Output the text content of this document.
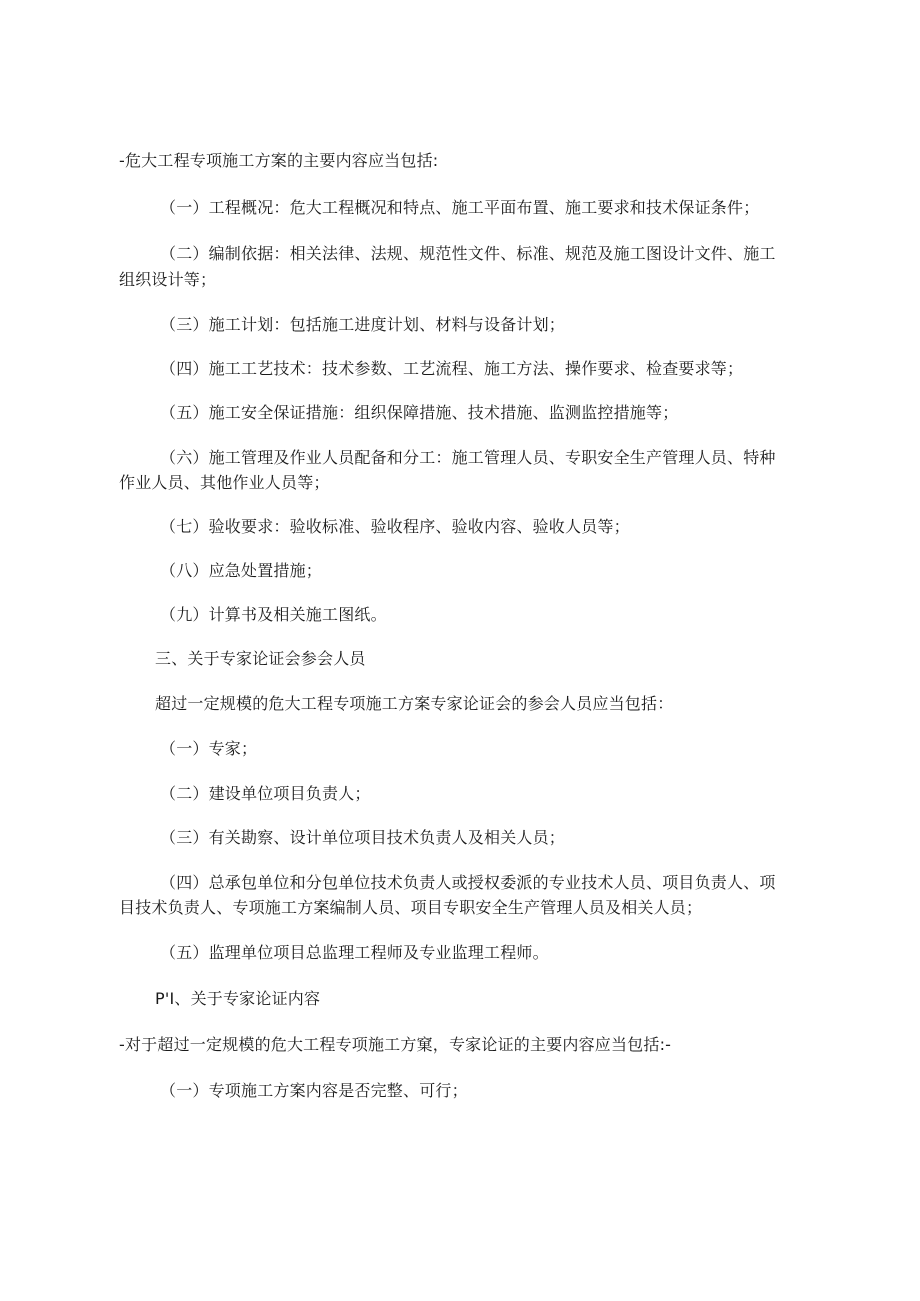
-危大工程专项施工方案的主要内容应当包括:
（一）工程概况：危大工程概况和特点、施工平面布置、施工要求和技术保证条件；
（二）编制依据：相关法律、法规、规范性文件、标准、规范及施工图设计文件、施工
组织设计等；
（三）施工计划：包括施工进度计划、材料与设备计划；
（四）施工工艺技术：技术参数、工艺流程、施工方法、操作要求、检查要求等；
（五）施工安全保证措施：组织保障措施、技术措施、监测监控措施等；
（六）施工管理及作业人员配备和分工：施工管理人员、专职安全生产管理人员、特种
作业人员、其他作业人员等；
（七）验收要求：验收标准、验收程序、验收内容、验收人员等；
（八）应急处置措施；
（九）计算书及相关施工图纸。
三、关于专家论证会参会人员
超过一定规模的危大工程专项施工方案专家论证会的参会人员应当包括：
（一）专家；
（二）建设单位项目负责人；
（三）有关勘察、设计单位项目技术负责人及相关人员；
（四）总承包单位和分包单位技术负责人或授权委派的专业技术人员、项目负责人、项
目技术负责人、专项施工方案编制人员、项目专职安全生产管理人员及相关人员；
（五）监理单位项目总监理工程师及专业监理工程师。
P'I、关于专家论证内容
-对于超过一定规模的危大工程专项施工方窠，专家论证的主要内容应当包括:-
（一）专项施工方案内容是否完整、可行；
